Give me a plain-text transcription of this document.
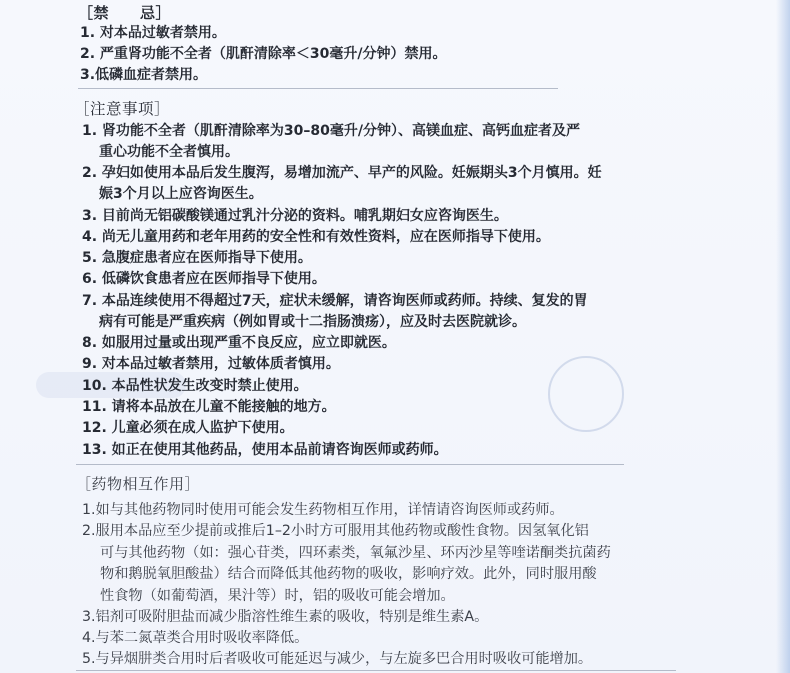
［禁　　忌］
1. 对本品过敏者禁用。
2. 严重肾功能不全者（肌酐清除率＜30毫升/分钟）禁用。
3.低磷血症者禁用。
［注意事项］
1. 肾功能不全者（肌酐清除率为30–80毫升/分钟）、高镁血症、高钙血症者及严
重心功能不全者慎用。
2. 孕妇如使用本品后发生腹泻，易增加流产、早产的风险。妊娠期头3个月慎用。妊
娠3个月以上应咨询医生。
3. 目前尚无铝碳酸镁通过乳汁分泌的资料。哺乳期妇女应咨询医生。
4. 尚无儿童用药和老年用药的安全性和有效性资料，应在医师指导下使用。
5. 急腹症患者应在医师指导下使用。
6. 低磷饮食患者应在医师指导下使用。
7. 本品连续使用不得超过7天，症状未缓解，请咨询医师或药师。持续、复发的胃
病有可能是严重疾病（例如胃或十二指肠溃疡），应及时去医院就诊。
8. 如服用过量或出现严重不良反应，应立即就医。
9. 对本品过敏者禁用，过敏体质者慎用。
10. 本品性状发生改变时禁止使用。
11. 请将本品放在儿童不能接触的地方。
12. 儿童必须在成人监护下使用。
13. 如正在使用其他药品，使用本品前请咨询医师或药师。
［药物相互作用］
1.如与其他药物同时使用可能会发生药物相互作用，详情请咨询医师或药师。
2.服用本品应至少提前或推后1–2小时方可服用其他药物或酸性食物。因氢氧化铝
可与其他药物（如：强心苷类，四环素类，氧氟沙星、环丙沙星等喹诺酮类抗菌药
物和鹅脱氧胆酸盐）结合而降低其他药物的吸收，影响疗效。此外，同时服用酸
性食物（如葡萄酒，果汁等）时，铝的吸收可能会增加。
3.铝剂可吸附胆盐而减少脂溶性维生素的吸收，特别是维生素A。
4.与苯二氮䓬类合用时吸收率降低。
5.与异烟肼类合用时后者吸收可能延迟与减少，与左旋多巴合用时吸收可能增加。
